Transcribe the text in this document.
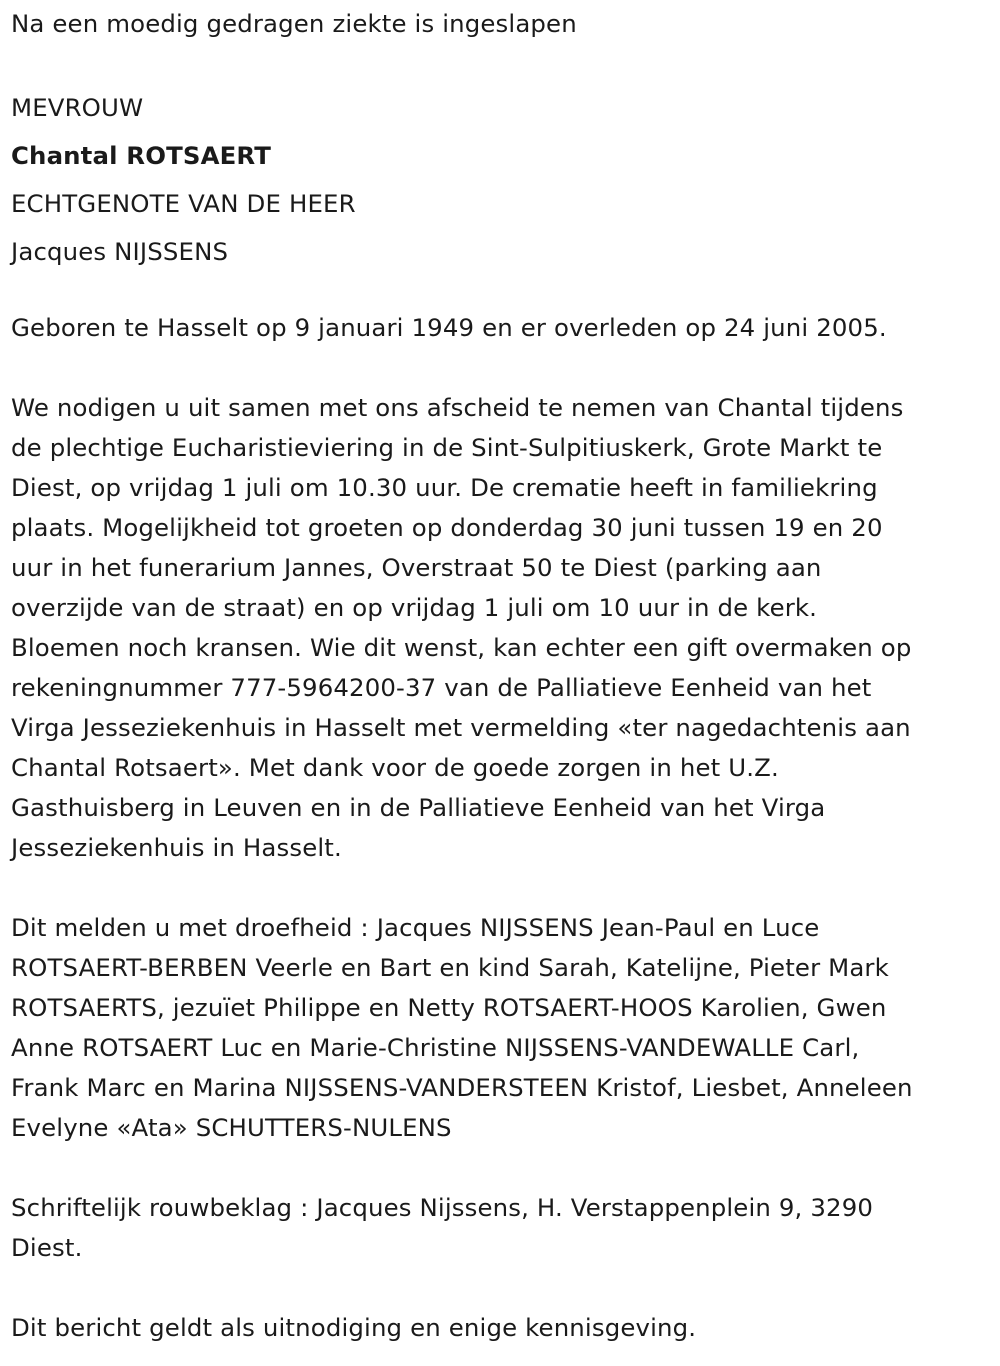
Na een moedig gedragen ziekte is ingeslapen

MEVROUW

Chantal ROTSAERT

ECHTGENOTE VAN DE HEER

Jacques NIJSSENS

Geboren te Hasselt op 9 januari 1949 en er overleden op 24 juni 2005.

We nodigen u uit samen met ons afscheid te nemen van Chantal tijdens

de plechtige Eucharistieviering in de Sint-Sulpitiuskerk, Grote Markt te

Diest, op vrijdag 1 juli om 10.30 uur. De crematie heeft in familiekring

plaats. Mogelijkheid tot groeten op donderdag 30 juni tussen 19 en 20

uur in het funerarium Jannes, Overstraat 50 te Diest (parking aan

overzijde van de straat) en op vrijdag 1 juli om 10 uur in de kerk.

Bloemen noch kransen. Wie dit wenst, kan echter een gift overmaken op

rekeningnummer 777-5964200-37 van de Palliatieve Eenheid van het

Virga Jesseziekenhuis in Hasselt met vermelding «ter nagedachtenis aan

Chantal Rotsaert». Met dank voor de goede zorgen in het U.Z.

Gasthuisberg in Leuven en in de Palliatieve Eenheid van het Virga

Jesseziekenhuis in Hasselt.

Dit melden u met droefheid : Jacques NIJSSENS Jean-Paul en Luce

ROTSAERT-BERBEN Veerle en Bart en kind Sarah, Katelijne, Pieter Mark

ROTSAERTS, jezuïet Philippe en Netty ROTSAERT-HOOS Karolien, Gwen

Anne ROTSAERT Luc en Marie-Christine NIJSSENS-VANDEWALLE Carl,

Frank Marc en Marina NIJSSENS-VANDERSTEEN Kristof, Liesbet, Anneleen

Evelyne «Ata» SCHUTTERS-NULENS

Schriftelijk rouwbeklag : Jacques Nijssens, H. Verstappenplein 9, 3290

Diest.

Dit bericht geldt als uitnodiging en enige kennisgeving.
